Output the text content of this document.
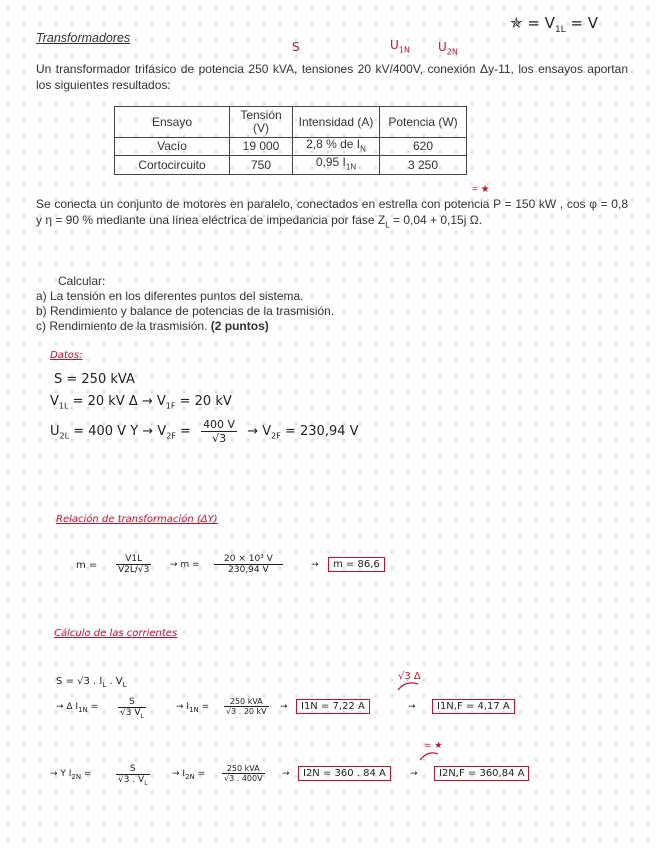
Transformadores
✯ = $V_{1L} = V$
S	$U_{1N}$ $U_{2N}$
Un transformador trifásico de potencia 250 kVA, tensiones 20 kV/400V, conexión Δy-11, los ensayos aportan los siguientes resultados:
Ensayo	Tensión (V)	Intensidad (A)	Potencia (W)
Vacío	19 000	2,8 % de $I_N$	620
Cortocircuito	750	0,95 $I_{1N}$	3 250
= ★
Se conecta un conjunto de motores en paralelo, conectados en estrella con potencia P = 150 kW , cos φ = 0,8 y η = 90 % mediante una línea eléctrica de impedancia por fase $Z_L = 0,04 + 0,15j$ Ω.
Calcular:
a) La tensión en los diferentes puntos del sistema.
b) Rendimiento y balance de potencias de la trasmisión.
c) Rendimiento de la trasmisión. (2 puntos)
Datos:
S = 250 kVA
$V_{1L} = 20$ kV $\Delta \to V_{1F} = 20$ kV
$U_{2L} = 400$ V $Y \to V_{2F} = \frac{400 V}{√3} \to V_{2F} = 230,94$ V
Relación de transformación (ΔY)
$m = \frac{V1L}{V2L/√3} \to m = \frac{\text{20 × 10³ V}}{230,94 V}$	→	m = 86,6
Cálculo de las corrientes
S = √3 . $I_L$ . $V_L$
√3 Δ
→ Δ $I_{1N} = \frac{S}{√3 V_L}$	→ $I_{1N}$ =
250 kVA
√3 . 20 kV →	I1N = 7,22 A	→	I1N,F = 4,17 A
= ★
→ Y $I_{2N}$ =	$\frac{S}{√3 . V_L} \to I_{2N}$ =
250 kVA
√3 . 400V →	I2N = 360 . 84 A	→	I2N,F = 360,84 A
